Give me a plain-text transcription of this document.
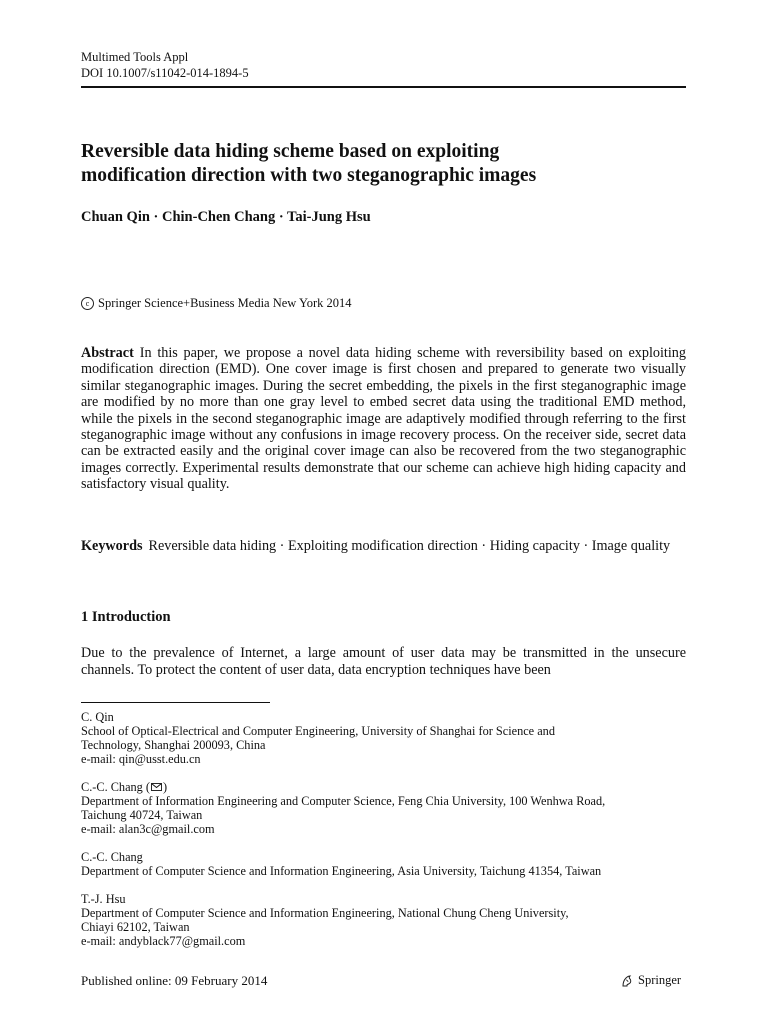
Multimed Tools Appl
DOI 10.1007/s11042-014-1894-5
Reversible data hiding scheme based on exploiting
modification direction with two steganographic images
Chuan Qin · Chin-Chen Chang · Tai-Jung Hsu
c Springer Science+Business Media New York 2014
Abstract In this paper, we propose a novel data hiding scheme with reversibility based on exploiting modification direction (EMD). One cover image is first chosen and prepared to generate two visually similar steganographic images. During the secret embedding, the pixels in the first steganographic image are modified by no more than one gray level to embed secret data using the traditional EMD method, while the pixels in the second steganographic image are adaptively modified through referring to the first steganographic image without any confusions in image recovery process. On the receiver side, secret data can be extracted easily and the original cover image can also be recovered from the two steganographic images correctly. Experimental results demonstrate that our scheme can achieve high hiding capacity and satisfactory visual quality.
Keywords Reversible data hiding · Exploiting modification direction · Hiding capacity · Image quality
1 Introduction
Due to the prevalence of Internet, a large amount of user data may be transmitted in the unsecure channels. To protect the content of user data, data encryption techniques have been
C. Qin
School of Optical-Electrical and Computer Engineering, University of Shanghai for Science and
Technology, Shanghai 200093, China
e-mail: qin@usst.edu.cn
C.-C. Chang ( )
Department of Information Engineering and Computer Science, Feng Chia University, 100 Wenhwa Road,
Taichung 40724, Taiwan
e-mail: alan3c@gmail.com
C.-C. Chang
Department of Computer Science and Information Engineering, Asia University, Taichung 41354, Taiwan
T.-J. Hsu
Department of Computer Science and Information Engineering, National Chung Cheng University,
Chiayi 62102, Taiwan
e-mail: andyblack77@gmail.com
Published online: 09 February 2014	Springer
